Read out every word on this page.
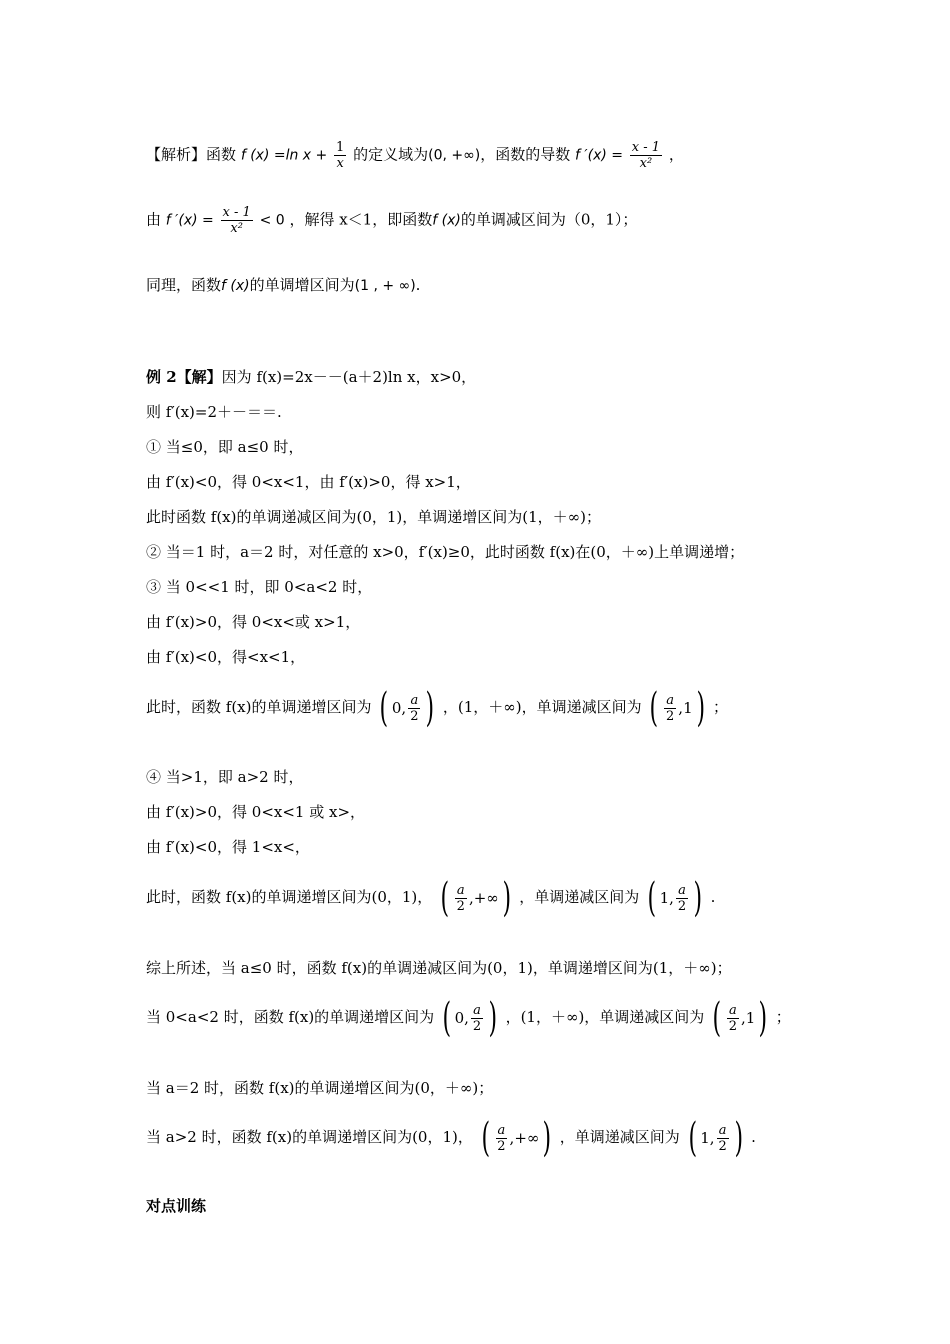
【解析】函数 f (x) =ln $x + \frac{1}{x}$ 的定义域为(0, +∞)，函数的导数 f $'(x) = \frac{x - 1}{\text{x²}}$ ，
由 f $'(x) = \frac{x - 1}{\text{x²}} < 0$ ，解得 x＜1，即函数f (x)的单调减区间为（0，1）；
同理，函数f (x)的单调增区间为(1 , + ∞).
例 2【解】因为 f(x)=2x－－(a＋2)ln x，x>0，
则 f′(x)=2＋－＝＝.
① 当≤0，即 a≤0 时，
由 f′(x)<0，得 0<x<1，由 f′(x)>0，得 x>1，
此时函数 f(x)的单调递减区间为(0，1)，单调递增区间为(1，＋∞)；
② 当＝1 时，a＝2 时，对任意的 x>0，f′(x)≥0，此时函数 f(x)在(0，＋∞)上单调递增；
③ 当 0<<1 时，即 0<a<2 时，
由 f′(x)>0，得 0<x<或 x>1，
由 f′(x)<0，得<x<1，
此时，函数 f(x)的单调递增区间为 ( 0, $\frac{a}{2}$ ) ，(1，＋∞)，单调递减区间为 ( $\frac{a}{2} ,1$ ) ；
④ 当>1，即 a>2 时，
由 f′(x)>0，得 0<x<1 或 x>，
由 f′(x)<0，得 1<x<，
此时，函数 f(x)的单调递增区间为(0，1)， ( $\frac{a}{2}$ ,+∞ ) ，单调递减区间为 ( 1, $\frac{a}{2}$ ) .
综上所述，当 a≤0 时，函数 f(x)的单调递减区间为(0，1)，单调递增区间为(1，＋∞)；
当 0<a<2 时，函数 f(x)的单调递增区间为 ( 0, $\frac{a}{2}$ ) ，(1，＋∞)，单调递减区间为 ( $\frac{a}{2} ,1$ ) ；
当 a＝2 时，函数 f(x)的单调递增区间为(0，＋∞)；
当 a>2 时，函数 f(x)的单调递增区间为(0，1)， ( $\frac{a}{2}$ ,+∞ ) ，单调递减区间为 ( 1, $\frac{a}{2}$ ) .
对点训练
